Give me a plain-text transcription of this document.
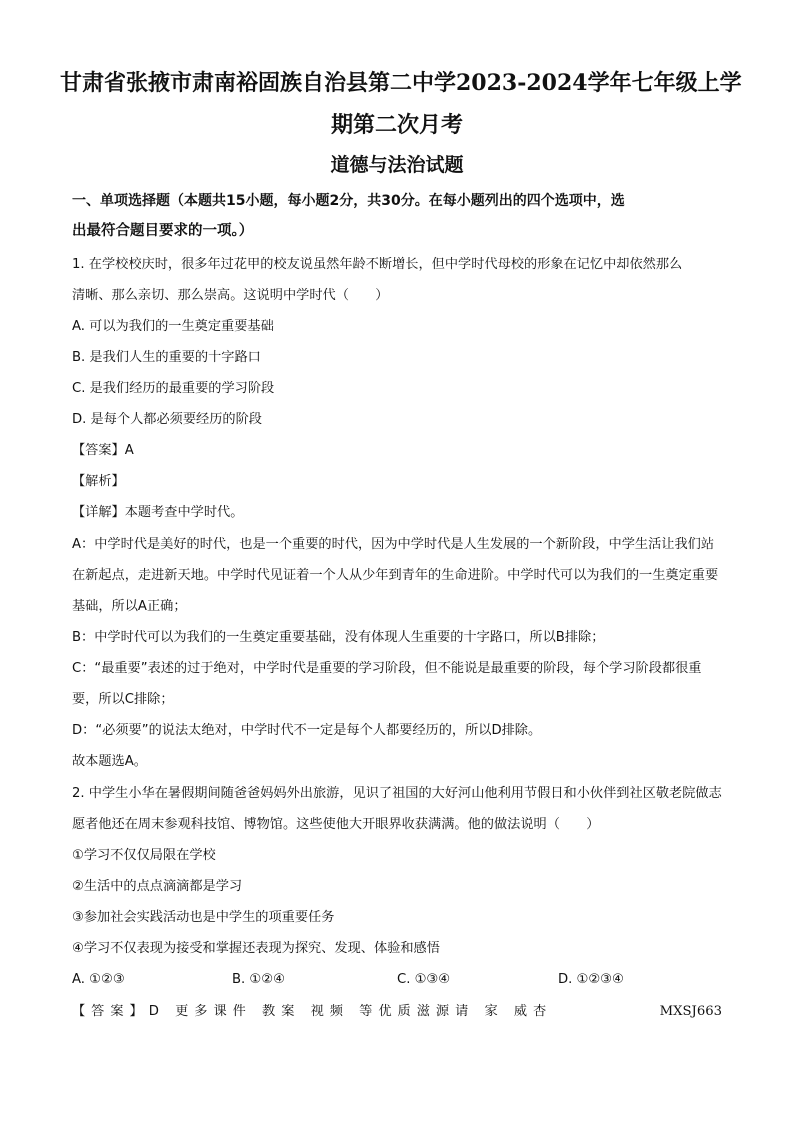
甘肃省张掖市肃南裕固族自治县第二中学2023-2024学年七年级上学
期第二次月考
道德与法治试题
一、单项选择题（本题共15小题，每小题2分，共30分。在每小题列出的四个选项中，选
出最符合题目要求的一项。）
1. 在学校校庆时，很多年过花甲的校友说虽然年龄不断增长，但中学时代母校的形象在记忆中却依然那么
清晰、那么亲切、那么崇高。这说明中学时代（　　）
A. 可以为我们的一生奠定重要基础
B. 是我们人生的重要的十字路口
C. 是我们经历的最重要的学习阶段
D. 是每个人都必须要经历的阶段
【答案】A
【解析】
【详解】本题考查中学时代。
A：中学时代是美好的时代，也是一个重要的时代，因为中学时代是人生发展的一个新阶段，中学生活让我们站在新起点，走进新天地。中学时代见证着一个人从少年到青年的生命进阶。中学时代可以为我们的一生奠定重要基础，所以A正确；
B：中学时代可以为我们的一生奠定重要基础，没有体现人生重要的十字路口，所以B排除；
C：“最重要”表述的过于绝对，中学时代是重要的学习阶段，但不能说是最重要的阶段，每个学习阶段都很重要，所以C排除；
D：“必须要”的说法太绝对，中学时代不一定是每个人都要经历的，所以D排除。
故本题选A。
2. 中学生小华在暑假期间随爸爸妈妈外出旅游，见识了祖国的大好河山他利用节假日和小伙伴到社区敬老院做志愿者他还在周末参观科技馆、博物馆。这些使他大开眼界收获满满。他的做法说明（　　）
①学习不仅仅局限在学校
②生活中的点点滴滴都是学习
③参加社会实践活动也是中学生的项重要任务
④学习不仅表现为接受和掌握还表现为探究、发现、体验和感悟
A. ①②③	B. ①②④	C. ①③④	D. ①②③④
【答案】D 更多课件 教案 视频 等优质滋源请 家 威杏	MXSJ663
